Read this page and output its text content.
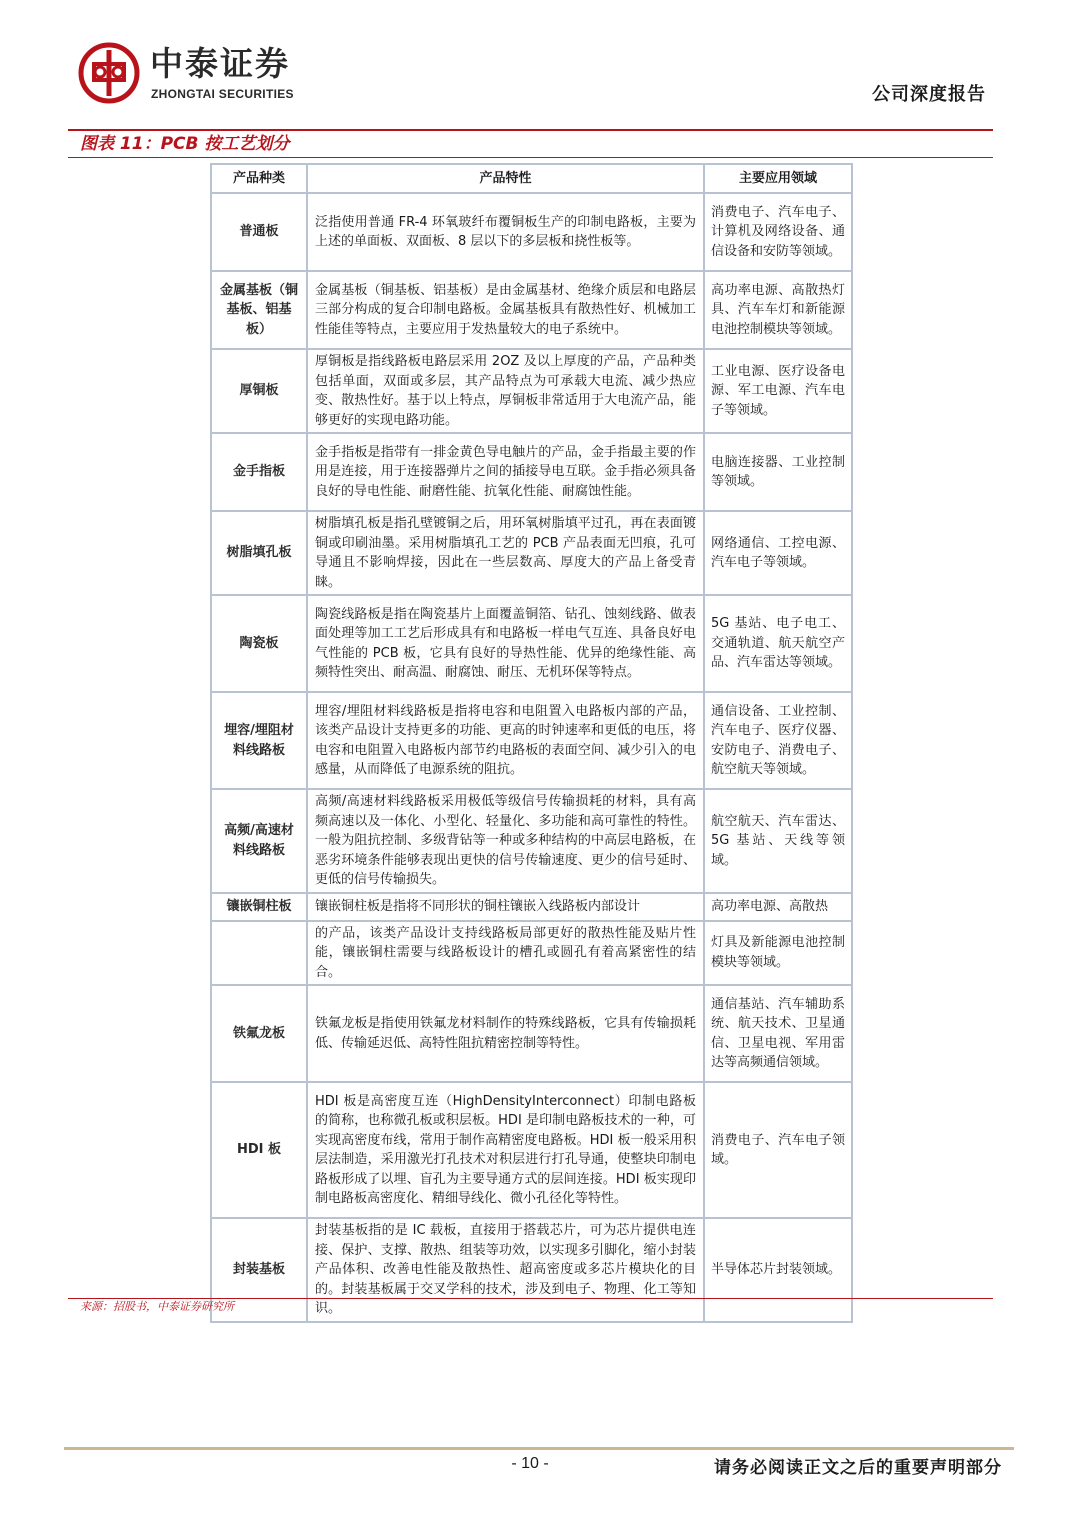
中泰证券
ZHONGTAI SECURITIES	公司深度报告
图表 11：PCB 按工艺划分
产品种类	产品特性	主要应用领域
普通板	泛指使用普通 FR-4 环氧玻纤布覆铜板生产的印制电路板，主要为上述的单面板、双面板、8 层以下的多层板和挠性板等。	消费电子、汽车电子、计算机及网络设备、通信设备和安防等领域。
金属基板（铜基板、铝基板）	金属基板（铜基板、铝基板）是由金属基材、绝缘介质层和电路层三部分构成的复合印制电路板。金属基板具有散热性好、机械加工性能佳等特点，主要应用于发热量较大的电子系统中。	高功率电源、高散热灯具、汽车车灯和新能源电池控制模块等领域。
厚铜板	厚铜板是指线路板电路层采用 2OZ 及以上厚度的产品，产品种类包括单面，双面或多层，其产品特点为可承载大电流、减少热应变、散热性好。基于以上特点，厚铜板非常适用于大电流产品，能够更好的实现电路功能。	工业电源、医疗设备电源、军工电源、汽车电子等领域。
金手指板	金手指板是指带有一排金黄色导电触片的产品，金手指最主要的作用是连接，用于连接器弹片之间的插接导电互联。金手指必须具备良好的导电性能、耐磨性能、抗氧化性能、耐腐蚀性能。	电脑连接器、工业控制等领域。
树脂填孔板	树脂填孔板是指孔壁镀铜之后，用环氧树脂填平过孔，再在表面镀铜或印刷油墨。采用树脂填孔工艺的 PCB 产品表面无凹痕，孔可导通且不影响焊接，因此在一些层数高、厚度大的产品上备受青睐。	网络通信、工控电源、汽车电子等领域。
陶瓷板	陶瓷线路板是指在陶瓷基片上面覆盖铜箔、钻孔、蚀刻线路、做表面处理等加工工艺后形成具有和电路板一样电气互连、具备良好电气性能的 PCB 板，它具有良好的导热性能、优异的绝缘性能、高频特性突出、耐高温、耐腐蚀、耐压、无机环保等特点。	5G 基站、电子电工、交通轨道、航天航空产品、汽车雷达等领域。
埋容/埋阻材料线路板	埋容/埋阻材料线路板是指将电容和电阻置入电路板内部的产品，该类产品设计支持更多的功能、更高的时钟速率和更低的电压，将电容和电阻置入电路板内部节约电路板的表面空间、减少引入的电感量，从而降低了电源系统的阻抗。	通信设备、工业控制、汽车电子、医疗仪器、安防电子、消费电子、航空航天等领域。
高频/高速材料线路板	高频/高速材料线路板采用极低等级信号传输损耗的材料，具有高频高速以及一体化、小型化、轻量化、多功能和高可靠性的特性。一般为阻抗控制、多级背钻等一种或多种结构的中高层电路板，在恶劣环境条件能够表现出更快的信号传输速度、更少的信号延时、更低的信号传输损失。	航空航天、汽车雷达、5G 基站、天线等领域。
镶嵌铜柱板	镶嵌铜柱板是指将不同形状的铜柱镶嵌入线路板内部设计	高功率电源、高散热
	的产品，该类产品设计支持线路板局部更好的散热性能及贴片性能，镶嵌铜柱需要与线路板设计的槽孔或圆孔有着高紧密性的结合。	灯具及新能源电池控制模块等领域。
铁氟龙板	铁氟龙板是指使用铁氟龙材料制作的特殊线路板，它具有传输损耗低、传输延迟低、高特性阻抗精密控制等特性。	通信基站、汽车辅助系统、航天技术、卫星通信、卫星电视、军用雷达等高频通信领域。
HDI 板	HDI 板是高密度互连（HighDensityInterconnect）印制电路板的简称，也称微孔板或积层板。HDI 是印制电路板技术的一种，可实现高密度布线，常用于制作高精密度电路板。HDI 板一般采用积层法制造，采用激光打孔技术对积层进行打孔导通，使整块印制电路板形成了以埋、盲孔为主要导通方式的层间连接。HDI 板实现印制电路板高密度化、精细导线化、微小孔径化等特性。	消费电子、汽车电子领域。
封装基板	封装基板指的是 IC 载板，直接用于搭载芯片，可为芯片提供电连接、保护、支撑、散热、组装等功效，以实现多引脚化，缩小封装产品体积、改善电性能及散热性、超高密度或多芯片模块化的目的。封装基板属于交叉学科的技术，涉及到电子、物理、化工等知识。	半导体芯片封装领域。
来源：招股书，中泰证券研究所
- 10 -	请务必阅读正文之后的重要声明部分
